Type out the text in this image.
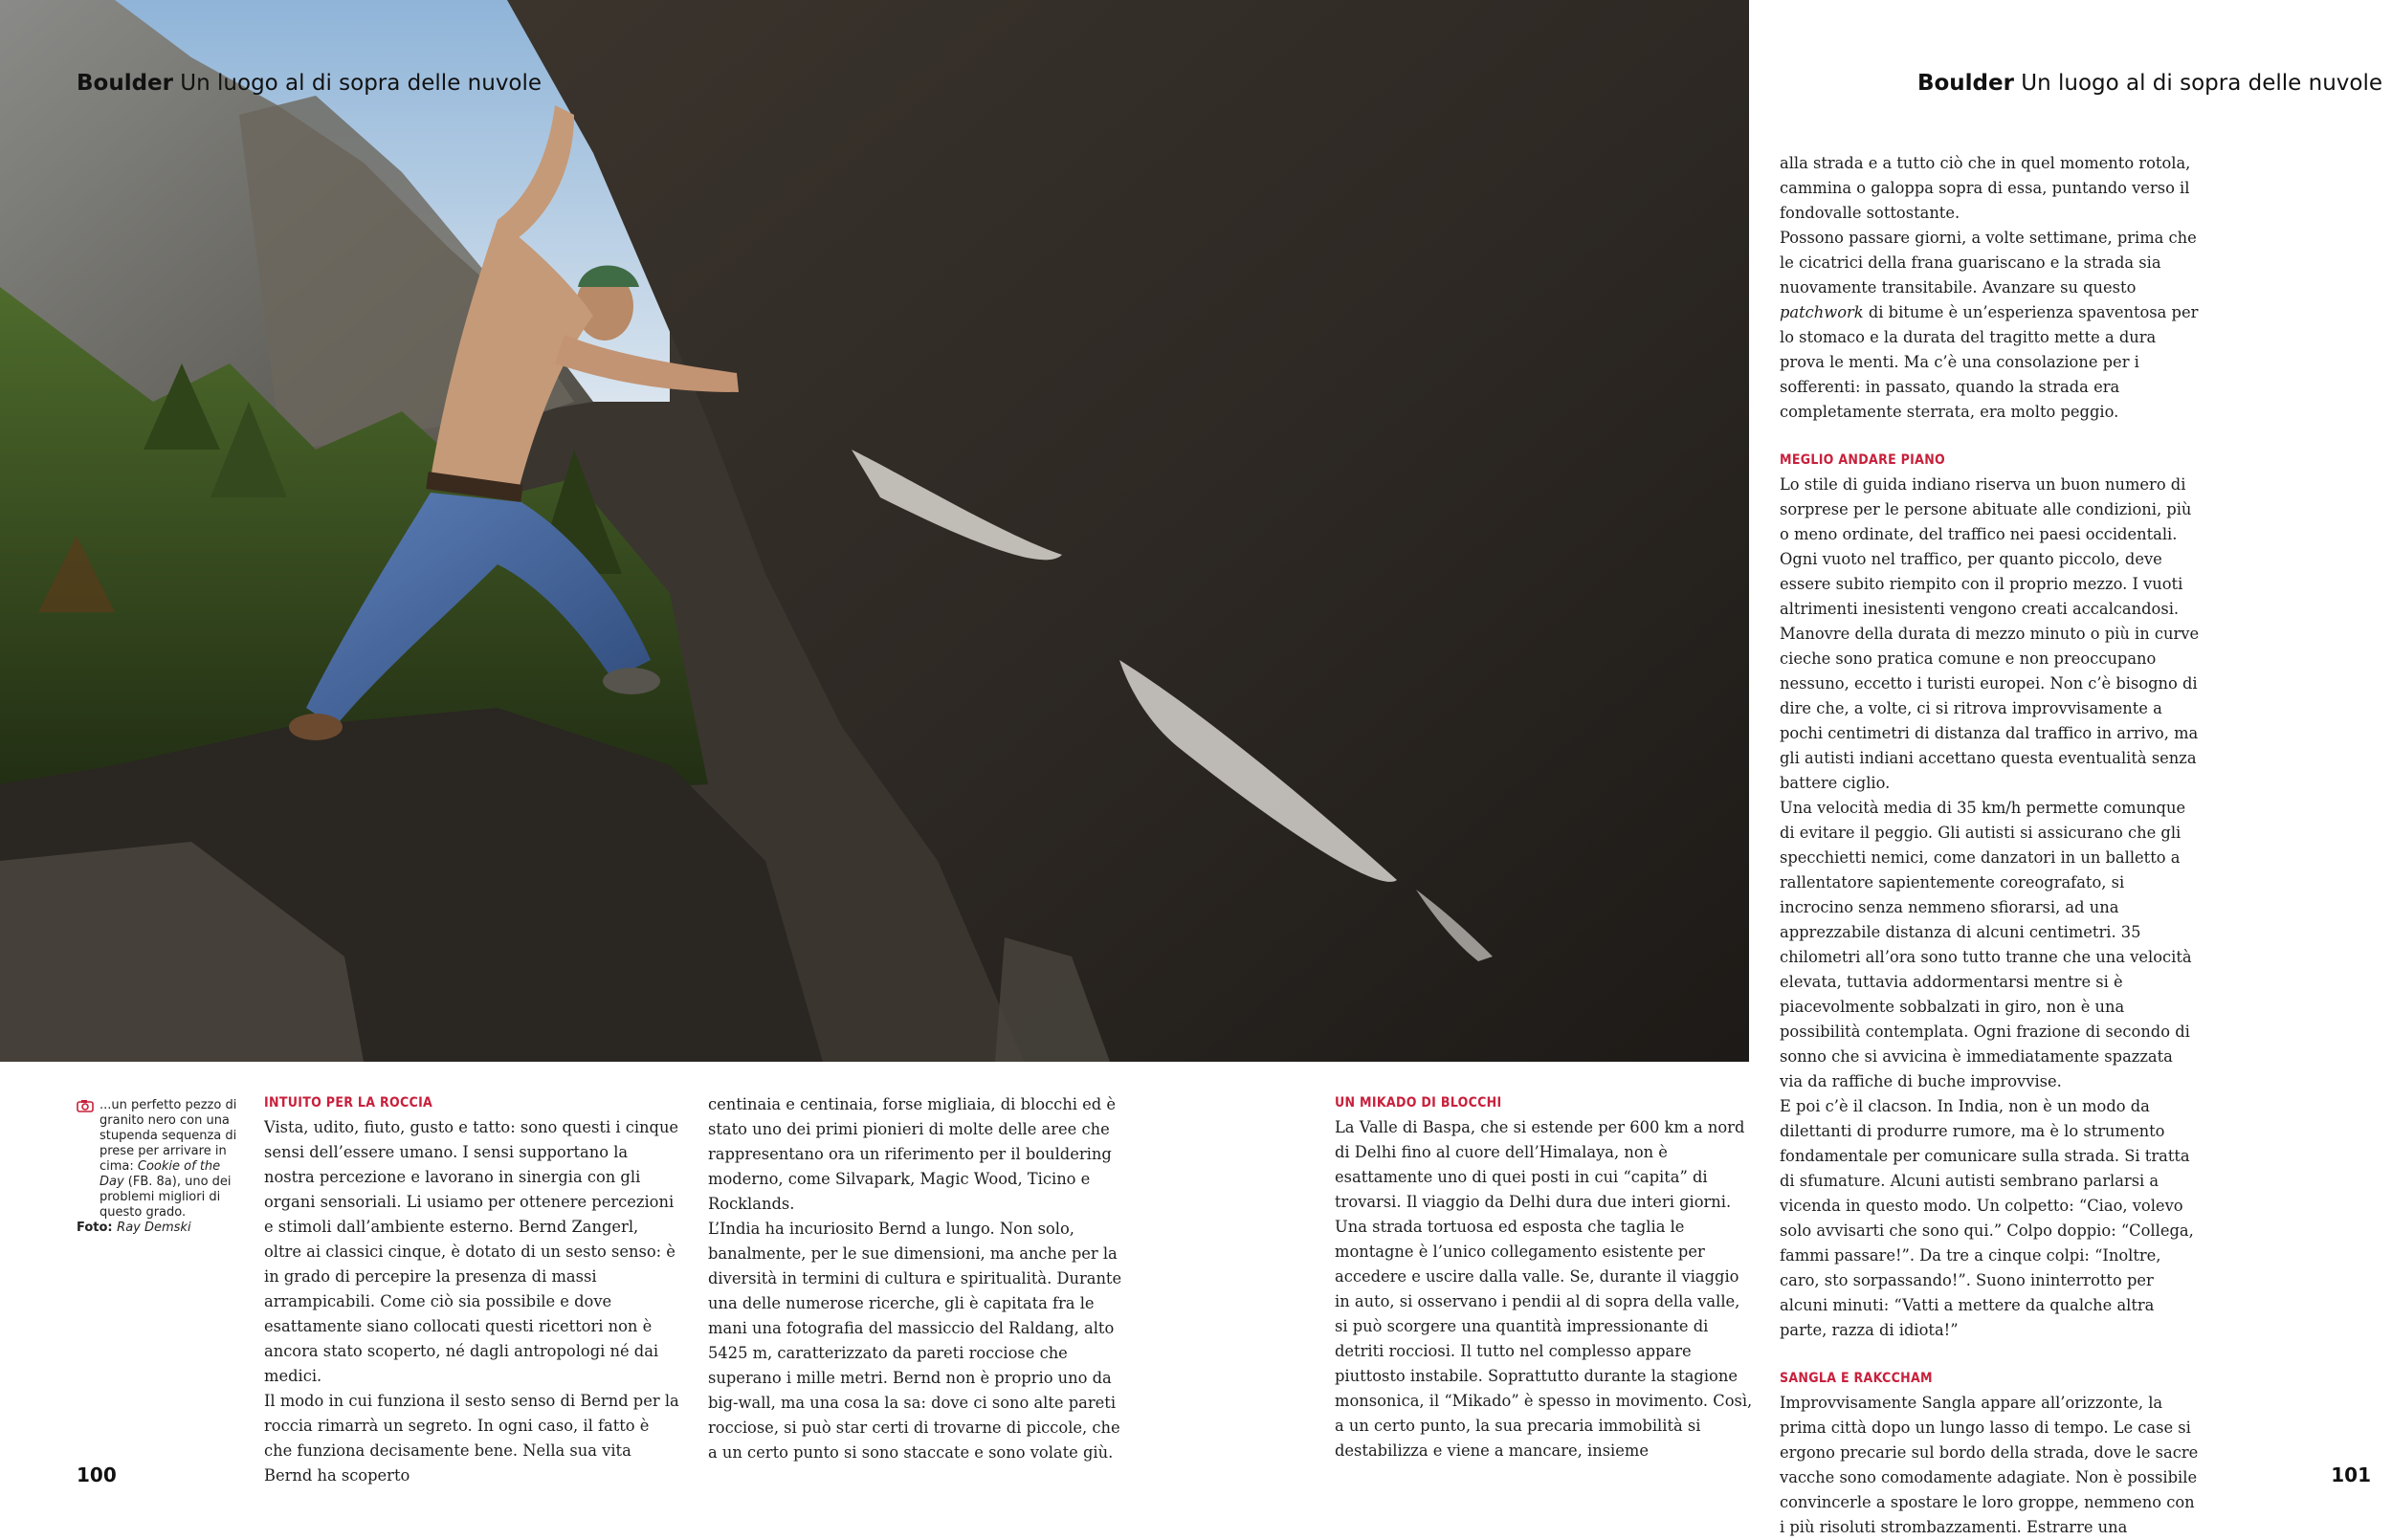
Boulder Un luogo al di sopra delle nuvole	Boulder Un luogo al di sopra delle nuvole
...un perfetto pezzo di granito nero con una stupenda sequenza di prese per arrivare in cima: Cookie of the Day (FB. 8a), uno dei problemi migliori di questo grado.
Foto: Ray Demski
INTUITO PER LA ROCCIA

Vista, udito, fiuto, gusto e tatto: sono questi i cinque sensi dell’essere umano. I sensi supportano la nostra percezione e lavorano in sinergia con gli organi sensoriali. Li usiamo per ottenere percezioni e stimoli dall’ambiente esterno. Bernd Zangerl, oltre ai classici cinque, è dotato di un sesto senso: è in grado di percepire la presenza di massi arrampicabili. Come ciò sia possibile e dove esattamente siano collocati questi ricettori non è ancora stato scoperto, né dagli antropologi né dai medici.

Il modo in cui funziona il sesto senso di Bernd per la roccia rimarrà un segreto. In ogni caso, il fatto è che funziona decisamente bene. Nella sua vita Bernd ha scoperto

centinaia e centinaia, forse migliaia, di blocchi ed è stato uno dei primi pionieri di molte delle aree che rappresentano ora un riferimento per il bouldering moderno, come Silvapark, Magic Wood, Ticino e Rocklands.

L’India ha incuriosito Bernd a lungo. Non solo, banalmente, per le sue dimensioni, ma anche per la diversità in termini di cultura e spiritualità. Durante una delle numerose ricerche, gli è capitata fra le mani una fotografia del massiccio del Raldang, alto 5425 m, caratterizzato da pareti rocciose che superano i mille metri. Bernd non è proprio uno da big-wall, ma una cosa la sa: dove ci sono alte pareti rocciose, si può star certi di trovarne di piccole, che a un certo punto si sono staccate e sono volate giù.

UN MIKADO DI BLOCCHI

La Valle di Baspa, che si estende per 600 km a nord di Delhi fino al cuore dell’Himalaya, non è esattamente uno di quei posti in cui “capita” di trovarsi. Il viaggio da Delhi dura due interi giorni.

Una strada tortuosa ed esposta che taglia le montagne è l’unico collegamento esistente per accedere e uscire dalla valle. Se, durante il viaggio in auto, si osservano i pendii al di sopra della valle, si può scorgere una quantità impressionante di detriti rocciosi. Il tutto nel complesso appare piuttosto instabile. Soprattutto durante la stagione monsonica, il “Mikado” è spesso in movimento. Così, a un certo punto, la sua precaria immobilità si destabilizza e viene a mancare, insieme

alla strada e a tutto ciò che in quel momento rotola, cammina o galoppa sopra di essa, puntando verso il fondovalle sottostante.

Possono passare giorni, a volte settimane, prima che le cicatrici della frana guariscano e la strada sia nuovamente transitabile. Avanzare su questo patchwork di bitume è un’esperienza spaventosa per lo stomaco e la durata del tragitto mette a dura prova le menti. Ma c’è una consolazione per i sofferenti: in passato, quando la strada era completamente sterrata, era molto peggio.

MEGLIO ANDARE PIANO

Lo stile di guida indiano riserva un buon numero di sorprese per le persone abituate alle condizioni, più o meno ordinate, del traffico nei paesi occidentali. Ogni vuoto nel traffico, per quanto piccolo, deve essere subito riempito con il proprio mezzo. I vuoti altrimenti inesistenti vengono creati accalcandosi. Manovre della durata di mezzo minuto o più in curve cieche sono pratica comune e non preoccupano nessuno, eccetto i turisti europei. Non c’è bisogno di dire che, a volte, ci si ritrova improvvisamente a pochi centimetri di distanza dal traffico in arrivo, ma gli autisti indiani accettano questa eventualità senza battere ciglio.

Una velocità media di 35 km/h permette comunque di evitare il peggio. Gli autisti si assicurano che gli specchietti nemici, come danzatori in un balletto a rallentatore sapientemente coreografato, si incrocino senza nemmeno sfiorarsi, ad una apprezzabile distanza di alcuni centimetri. 35 chilometri all’ora sono tutto tranne che una velocità elevata, tuttavia addormentarsi mentre si è piacevolmente sobbalzati in giro, non è una possibilità contemplata. Ogni frazione di secondo di sonno che si avvicina è immediatamente spazzata via da raffiche di buche improvvise.

E poi c’è il clacson. In India, non è un modo da dilettanti di produrre rumore, ma è lo strumento fondamentale per comunicare sulla strada. Si tratta di sfumature. Alcuni autisti sembrano parlarsi a vicenda in questo modo. Un colpetto: “Ciao, volevo solo avvisarti che sono qui.” Colpo doppio: “Collega, fammi passare!”. Da tre a cinque colpi: “Inoltre, caro, sto sorpassando!”. Suono ininterrotto per alcuni minuti: “Vatti a mettere da qualche altra parte, razza di idiota!”

SANGLA E RAKCCHAM

Improvvisamente Sangla appare all’orizzonte, la prima città dopo un lungo lasso di tempo. Le case si ergono precarie sul bordo della strada, dove le sacre vacche sono comodamente adagiate. Non è possibile convincerle a spostare le loro groppe, nemmeno con i più risoluti strombazzamenti. Estrarre una

100	101
